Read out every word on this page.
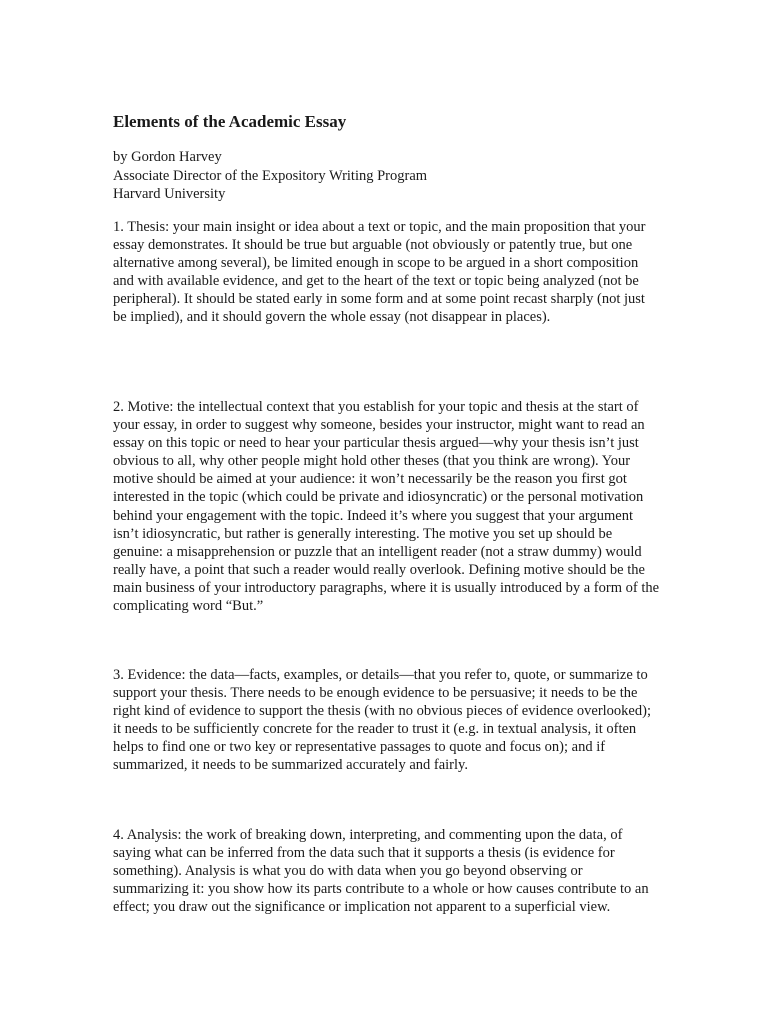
Elements of the Academic Essay
by Gordon Harvey
Associate Director of the Expository Writing Program
Harvard University

1. Thesis: your main insight or idea about a text or topic, and the main proposition that your essay demonstrates. It should be true but arguable (not obviously or patently true, but one alternative among several), be limited enough in scope to be argued in a short composition and with available evidence, and get to the heart of the text or topic being analyzed (not be peripheral). It should be stated early in some form and at some point recast sharply (not just be implied), and it should govern the whole essay (not disappear in places).

2. Motive: the intellectual context that you establish for your topic and thesis at the start of your essay, in order to suggest why someone, besides your instructor, might want to read an essay on this topic or need to hear your particular thesis argued—why your thesis isn’t just obvious to all, why other people might hold other theses (that you think are wrong). Your motive should be aimed at your audience: it won’t necessarily be the reason you first got interested in the topic (which could be private and idiosyncratic) or the personal motivation behind your engagement with the topic. Indeed it’s where you suggest that your argument isn’t idiosyncratic, but rather is generally interesting. The motive you set up should be genuine: a misapprehension or puzzle that an intelligent reader (not a straw dummy) would really have, a point that such a reader would really overlook. Defining motive should be the main business of your introductory paragraphs, where it is usually introduced by a form of the complicating word “But.”

3. Evidence: the data—facts, examples, or details—that you refer to, quote, or summarize to support your thesis. There needs to be enough evidence to be persuasive; it needs to be the right kind of evidence to support the thesis (with no obvious pieces of evidence overlooked); it needs to be sufficiently concrete for the reader to trust it (e.g. in textual analysis, it often helps to find one or two key or representative passages to quote and focus on); and if summarized, it needs to be summarized accurately and fairly.

4. Analysis: the work of breaking down, interpreting, and commenting upon the data, of saying what can be inferred from the data such that it supports a thesis (is evidence for something). Analysis is what you do with data when you go beyond observing or summarizing it: you show how its parts contribute to a whole or how causes contribute to an effect; you draw out the significance or implication not apparent to a superficial view.
